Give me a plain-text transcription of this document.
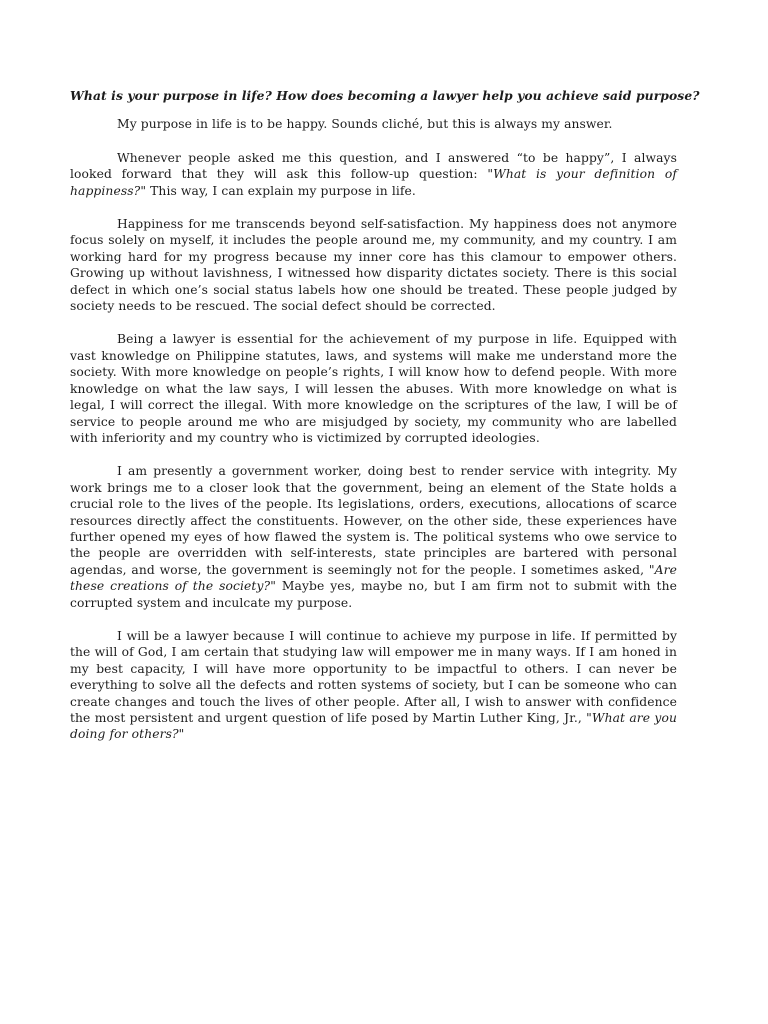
What is your purpose in life? How does becoming a lawyer help you achieve said purpose?

My purpose in life is to be happy. Sounds cliché, but this is always my answer.

Whenever people asked me this question, and I answered “to be happy”, I always looked forward that they will ask this follow-up question: "What is your definition of happiness?" This way, I can explain my purpose in life.

Happiness for me transcends beyond self-satisfaction. My happiness does not anymore focus solely on myself, it includes the people around me, my community, and my country. I am working hard for my progress because my inner core has this clamour to empower others. Growing up without lavishness, I witnessed how disparity dictates society. There is this social defect in which one’s social status labels how one should be treated. These people judged by society needs to be rescued. The social defect should be corrected.

Being a lawyer is essential for the achievement of my purpose in life. Equipped with vast knowledge on Philippine statutes, laws, and systems will make me understand more the society. With more knowledge on people’s rights, I will know how to defend people. With more knowledge on what the law says, I will lessen the abuses. With more knowledge on what is legal, I will correct the illegal. With more knowledge on the scriptures of the law, I will be of service to people around me who are misjudged by society, my community who are labelled with inferiority and my country who is victimized by corrupted ideologies.

I am presently a government worker, doing best to render service with integrity. My work brings me to a closer look that the government, being an element of the State holds a crucial role to the lives of the people. Its legislations, orders, executions, allocations of scarce resources directly affect the constituents. However, on the other side, these experiences have further opened my eyes of how flawed the system is. The political systems who owe service to the people are overridden with self-interests, state principles are bartered with personal agendas, and worse, the government is seemingly not for the people. I sometimes asked, "Are these creations of the society?" Maybe yes, maybe no, but I am firm not to submit with the corrupted system and inculcate my purpose.

I will be a lawyer because I will continue to achieve my purpose in life. If permitted by the will of God, I am certain that studying law will empower me in many ways. If I am honed in my best capacity, I will have more opportunity to be impactful to others. I can never be everything to solve all the defects and rotten systems of society, but I can be someone who can create changes and touch the lives of other people. After all, I wish to answer with confidence the most persistent and urgent question of life posed by Martin Luther King, Jr., "What are you doing for others?"
